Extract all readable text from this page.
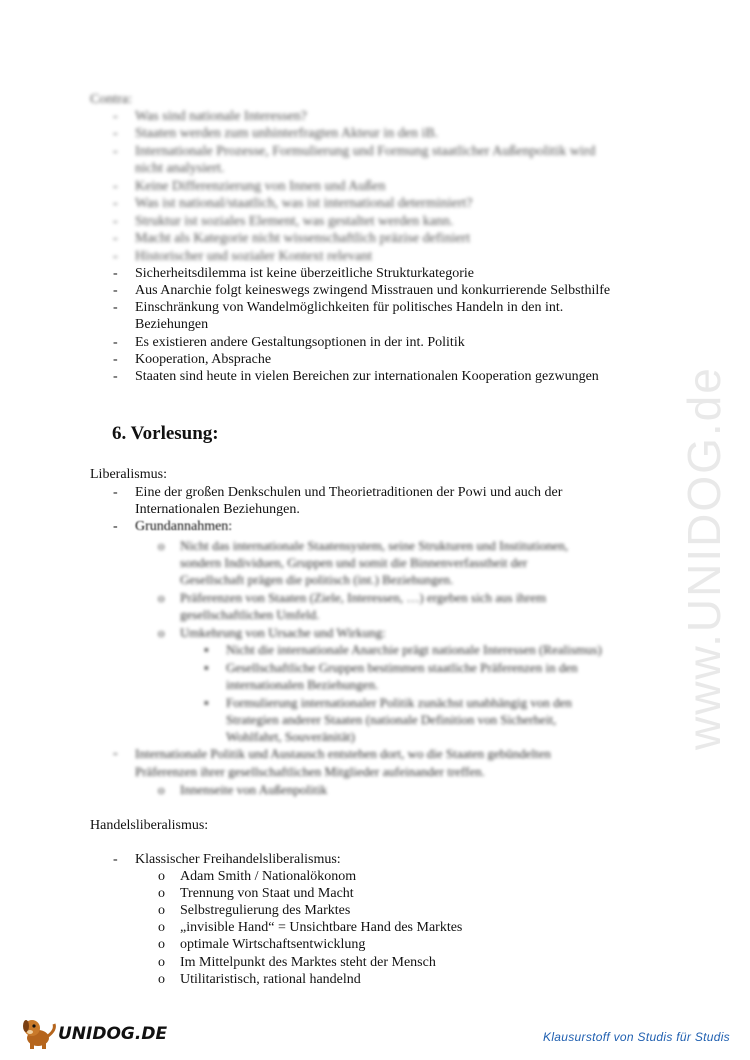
Contra:
- Was sind nationale Interessen?
- Staaten werden zum unhinterfragten Akteur in den iB.
- Internationale Prozesse, Formulierung und Formung staatlicher Außenpolitik wird
nicht analysiert.
- Keine Differenzierung von Innen und Außen
- Was ist national/staatlich, was ist international determiniert?
- Struktur ist soziales Element, was gestaltet werden kann.
- Macht als Kategorie nicht wissenschaftlich präzise definiert
- Historischer und sozialer Kontext relevant
- Sicherheitsdilemma ist keine überzeitliche Strukturkategorie
- Aus Anarchie folgt keineswegs zwingend Misstrauen und konkurrierende Selbsthilfe
- Einschränkung von Wandelmöglichkeiten für politisches Handeln in den int.
Beziehungen
- Es existieren andere Gestaltungsoptionen in der int. Politik
- Kooperation, Absprache
- Staaten sind heute in vielen Bereichen zur internationalen Kooperation gezwungen
6. Vorlesung:
Liberalismus:
- Eine der großen Denkschulen und Theorietraditionen der Powi und auch der
Internationalen Beziehungen.
- Grundannahmen:
o Nicht das internationale Staatensystem, seine Strukturen und Institutionen,
sondern Individuen, Gruppen und somit die Binnenverfasstheit der
Gesellschaft prägen die politisch (int.) Beziehungen.
o Präferenzen von Staaten (Ziele, Interessen, …) ergeben sich aus ihrem
gesellschaftlichen Umfeld.
o Umkehrung von Ursache und Wirkung:
▪ Nicht die internationale Anarchie prägt nationale Interessen (Realismus)
▪ Gesellschaftliche Gruppen bestimmen staatliche Präferenzen in den
internationalen Beziehungen.
▪ Formulierung internationaler Politik zunächst unabhängig von den
Strategien anderer Staaten (nationale Definition von Sicherheit,
Wohlfahrt, Souveränität)
- Internationale Politik und Austausch entstehen dort, wo die Staaten gebündelten
Präferenzen ihrer gesellschaftlichen Mitglieder aufeinander treffen.
o Innenseite von Außenpolitik
Handelsliberalismus:
- Klassischer Freihandelsliberalismus:
o Adam Smith / Nationalökonom
o Trennung von Staat und Macht
o Selbstregulierung des Marktes
o „invisible Hand“ = Unsichtbare Hand des Marktes
o optimale Wirtschaftsentwicklung
o Im Mittelpunkt des Marktes steht der Mensch
o Utilitaristisch, rational handelnd
www.UNIDOG.de
UNIDOG.DE	Klausurstoff von Studis für Studis
